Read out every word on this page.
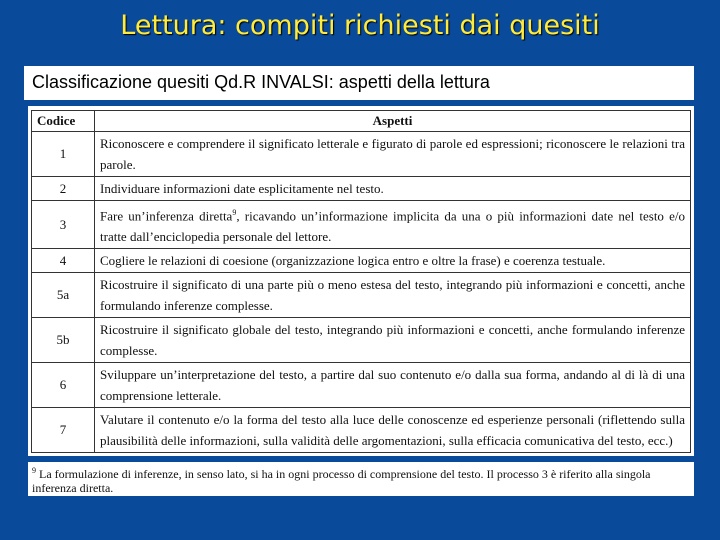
Lettura: compiti richiesti dai quesiti
Classificazione quesiti Qd.R INVALSI: aspetti della lettura
Codice	Aspetti
1	Riconoscere e comprendere il significato letterale e figurato di parole ed espressioni; riconoscere le relazioni tra parole.
2	Individuare informazioni date esplicitamente nel testo.
3	Fare un’inferenza diretta$^9$, ricavando un’informazione implicita da una o più informazioni date nel testo e/o tratte dall’enciclopedia personale del lettore.
4	Cogliere le relazioni di coesione (organizzazione logica entro e oltre la frase) e coerenza testuale.
5a	Ricostruire il significato di una parte più o meno estesa del testo, integrando più informazioni e concetti, anche formulando inferenze complesse.
5b	Ricostruire il significato globale del testo, integrando più informazioni e concetti, anche formulando inferenze complesse.
6	Sviluppare un’interpretazione del testo, a partire dal suo contenuto e/o dalla sua forma, andando al di là di una comprensione letterale.
7	Valutare il contenuto e/o la forma del testo alla luce delle conoscenze ed esperienze personali (riflettendo sulla plausibilità delle informazioni, sulla validità delle argomentazioni, sulla efficacia comunicativa del testo, ecc.)
$^9$ La formulazione di inferenze, in senso lato, si ha in ogni processo di comprensione del testo. Il processo 3 è riferito alla singola inferenza diretta.
